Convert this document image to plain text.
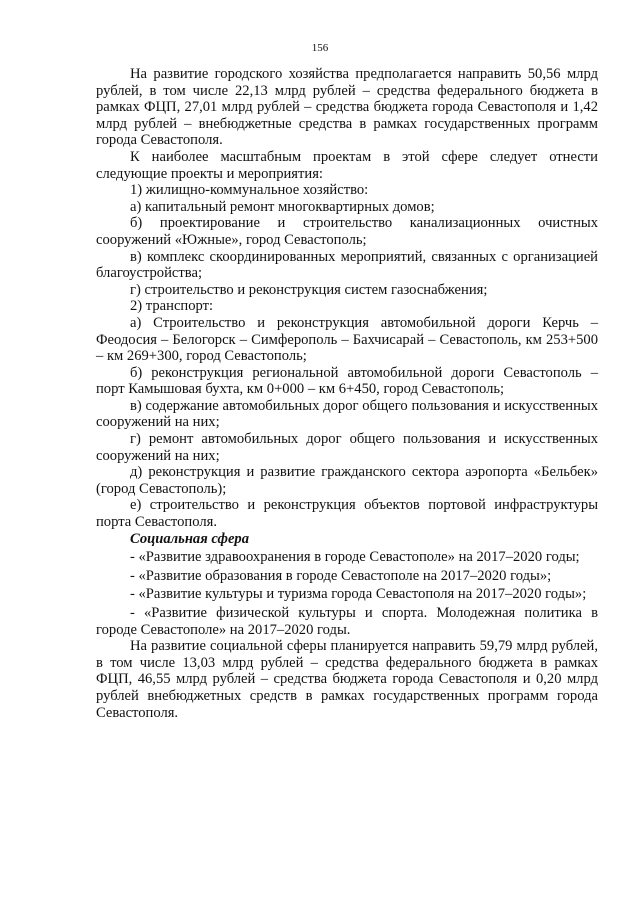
156

На развитие городского хозяйства предполагается направить 50,56 млрд рублей, в том числе 22,13 млрд рублей – средства федерального бюджета в рамках ФЦП, 27,01 млрд рублей – средства бюджета города Севастополя и 1,42 млрд рублей – внебюджетные средства в рамках государственных программ города Севастополя.

К наиболее масштабным проектам в этой сфере следует отнести следующие проекты и мероприятия:

1) жилищно-коммунальное хозяйство:

а) капитальный ремонт многоквартирных домов;

б) проектирование и строительство канализационных очистных сооружений «Южные», город Севастополь;

в) комплекс скоординированных мероприятий, связанных с организацией благоустройства;

г) строительство и реконструкция систем газоснабжения;

2) транспорт:

а) Строительство и реконструкция автомобильной дороги Керчь – Феодосия – Белогорск – Симферополь – Бахчисарай – Севастополь, км 253+500 – км 269+300, город Севастополь;

б) реконструкция региональной автомобильной дороги Севастополь – порт Камышовая бухта, км 0+000 – км 6+450, город Севастополь;

в) содержание автомобильных дорог общего пользования и искусственных сооружений на них;

г) ремонт автомобильных дорог общего пользования и искусственных сооружений на них;

д) реконструкция и развитие гражданского сектора аэропорта «Бельбек» (город Севастополь);

е) строительство и реконструкция объектов портовой инфраструктуры порта Севастополя.

Социальная сфера

- «Развитие здравоохранения в городе Севастополе» на 2017–2020 годы;

- «Развитие образования в городе Севастополе на 2017–2020 годы»;

- «Развитие культуры и туризма города Севастополя на 2017–2020 годы»;

- «Развитие физической культуры и спорта. Молодежная политика в городе Севастополе» на 2017–2020 годы.

На развитие социальной сферы планируется направить 59,79 млрд рублей, в том числе 13,03 млрд рублей – средства федерального бюджета в рамках ФЦП, 46,55 млрд рублей – средства бюджета города Севастополя и 0,20 млрд рублей внебюджетных средств в рамках государственных программ города Севастополя.
